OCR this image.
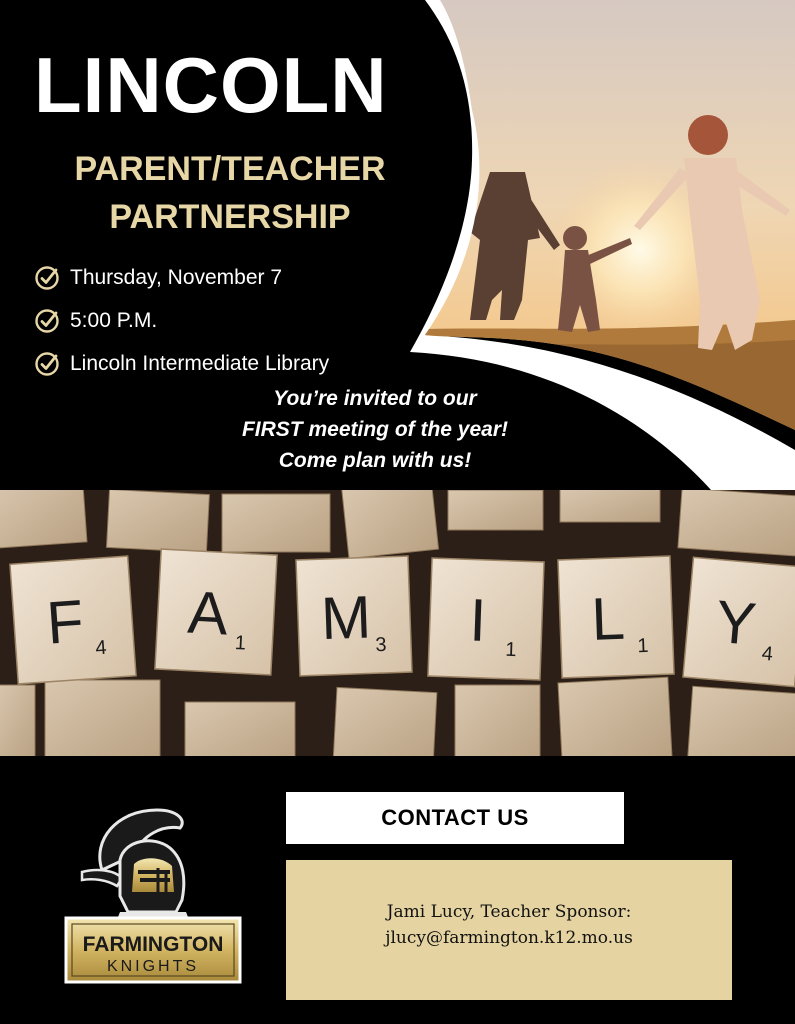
LINCOLN

PARENT/TEACHER

PARTNERSHIP

Thursday, November 7
5:00 P.M.
Lincoln Intermediate Library

You’re invited to our

FIRST meeting of the year!

Come plan with us!

F 4
A 1 M 3 I 1 L 1 Y 4
FARMINGTON
KNIGHTS
CONTACT US

Jami Lucy, Teacher Sponsor:

jlucy@farmington.k12.mo.us
